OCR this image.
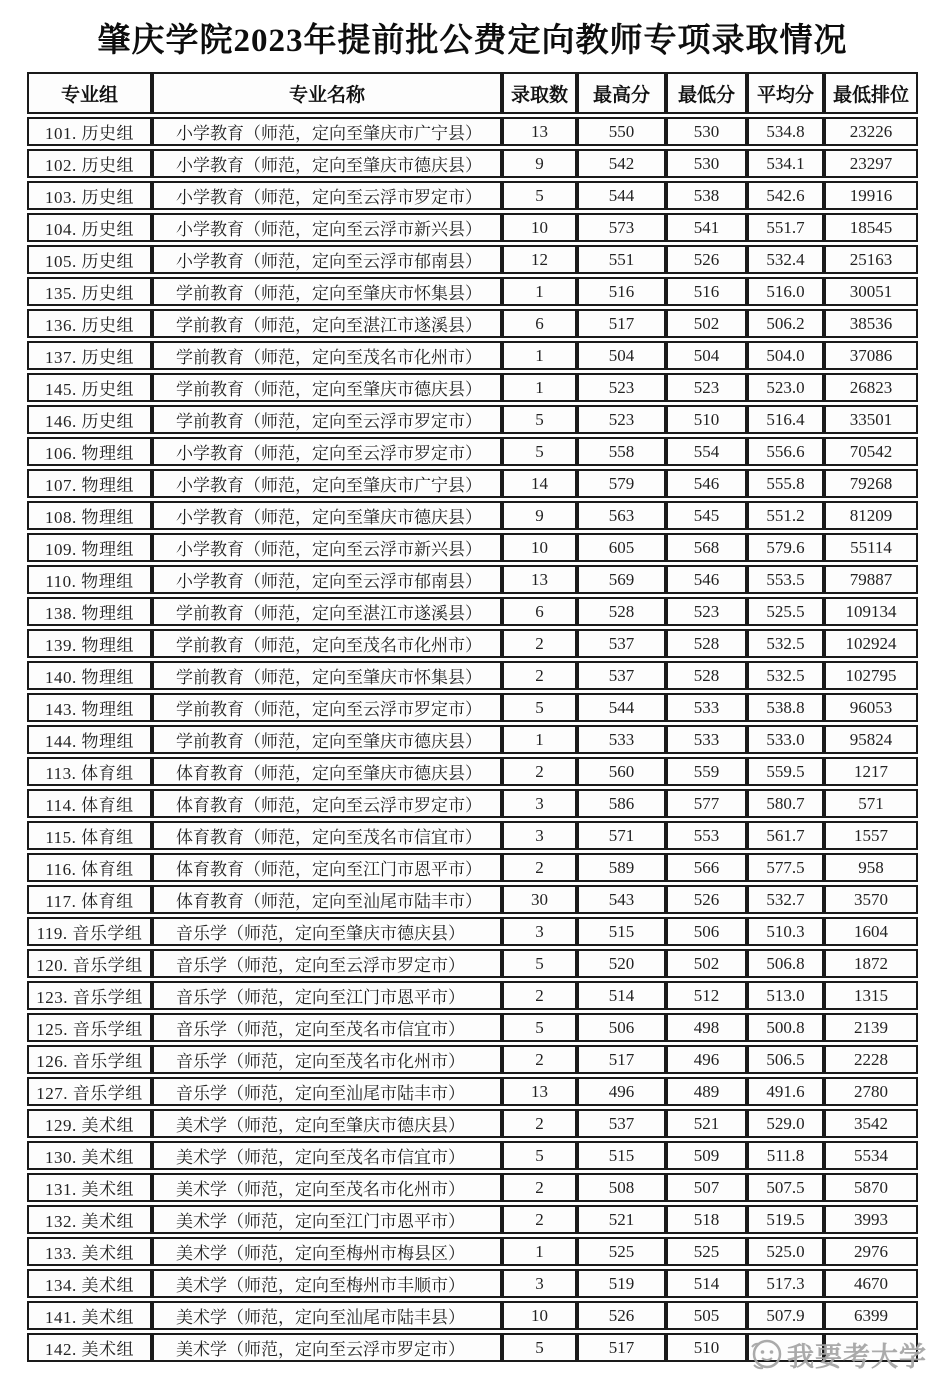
肇庆学院2023年提前批公费定向教师专项录取情况
专业组	专业名称	录取数	最高分	最低分	平均分	最低排位
101. 历史组	小学教育（师范，定向至肇庆市广宁县）	13	550	530	534.8	23226
102. 历史组	小学教育（师范，定向至肇庆市德庆县）	9	542	530	534.1	23297
103. 历史组	小学教育（师范，定向至云浮市罗定市）	5	544	538	542.6	19916
104. 历史组	小学教育（师范，定向至云浮市新兴县）	10	573	541	551.7	18545
105. 历史组	小学教育（师范，定向至云浮市郁南县）	12	551	526	532.4	25163
135. 历史组	学前教育（师范，定向至肇庆市怀集县）	1	516	516	516.0	30051
136. 历史组	学前教育（师范，定向至湛江市遂溪县）	6	517	502	506.2	38536
137. 历史组	学前教育（师范，定向至茂名市化州市）	1	504	504	504.0	37086
145. 历史组	学前教育（师范，定向至肇庆市德庆县）	1	523	523	523.0	26823
146. 历史组	学前教育（师范，定向至云浮市罗定市）	5	523	510	516.4	33501
106. 物理组	小学教育（师范，定向至云浮市罗定市）	5	558	554	556.6	70542
107. 物理组	小学教育（师范，定向至肇庆市广宁县）	14	579	546	555.8	79268
108. 物理组	小学教育（师范，定向至肇庆市德庆县）	9	563	545	551.2	81209
109. 物理组	小学教育（师范，定向至云浮市新兴县）	10	605	568	579.6	55114
110. 物理组	小学教育（师范，定向至云浮市郁南县）	13	569	546	553.5	79887
138. 物理组	学前教育（师范，定向至湛江市遂溪县）	6	528	523	525.5	109134
139. 物理组	学前教育（师范，定向至茂名市化州市）	2	537	528	532.5	102924
140. 物理组	学前教育（师范，定向至肇庆市怀集县）	2	537	528	532.5	102795
143. 物理组	学前教育（师范，定向至云浮市罗定市）	5	544	533	538.8	96053
144. 物理组	学前教育（师范，定向至肇庆市德庆县）	1	533	533	533.0	95824
113. 体育组	体育教育（师范，定向至肇庆市德庆县）	2	560	559	559.5	1217
114. 体育组	体育教育（师范，定向至云浮市罗定市）	3	586	577	580.7	571
115. 体育组	体育教育（师范，定向至茂名市信宜市）	3	571	553	561.7	1557
116. 体育组	体育教育（师范，定向至江门市恩平市）	2	589	566	577.5	958
117. 体育组	体育教育（师范，定向至汕尾市陆丰市）	30	543	526	532.7	3570
119. 音乐学组	音乐学（师范，定向至肇庆市德庆县）	3	515	506	510.3	1604
120. 音乐学组	音乐学（师范，定向至云浮市罗定市）	5	520	502	506.8	1872
123. 音乐学组	音乐学（师范，定向至江门市恩平市）	2	514	512	513.0	1315
125. 音乐学组	音乐学（师范，定向至茂名市信宜市）	5	506	498	500.8	2139
126. 音乐学组	音乐学（师范，定向至茂名市化州市）	2	517	496	506.5	2228
127. 音乐学组	音乐学（师范，定向至汕尾市陆丰市）	13	496	489	491.6	2780
129. 美术组	美术学（师范，定向至肇庆市德庆县）	2	537	521	529.0	3542
130. 美术组	美术学（师范，定向至茂名市信宜市）	5	515	509	511.8	5534
131. 美术组	美术学（师范，定向至茂名市化州市）	2	508	507	507.5	5870
132. 美术组	美术学（师范，定向至江门市恩平市）	2	521	518	519.5	3993
133. 美术组	美术学（师范，定向至梅州市梅县区）	1	525	525	525.0	2976
134. 美术组	美术学（师范，定向至梅州市丰顺市）	3	519	514	517.3	4670
141. 美术组	美术学（师范，定向至汕尾市陆丰县）	10	526	505	507.9	6399
142. 美术组	美术学（师范，定向至云浮市罗定市）	5	517	510			我要考大学
